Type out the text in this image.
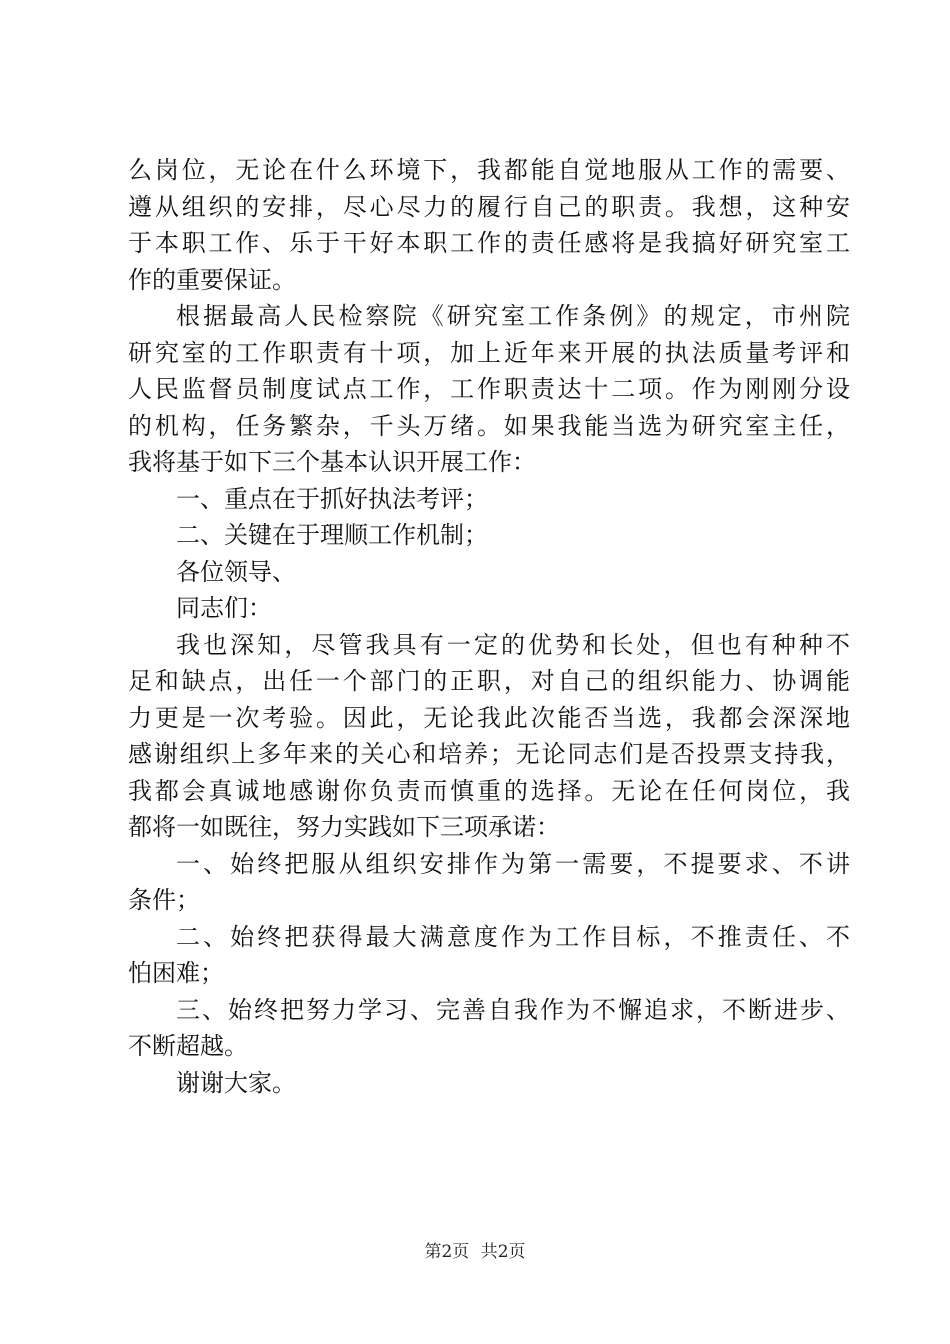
么岗位，无论在什么环境下，我都能自觉地服从工作的需要、
遵从组织的安排，尽心尽力的履行自己的职责。我想，这种安
于本职工作、乐于干好本职工作的责任感将是我搞好研究室工
作的重要保证。
根据最高人民检察院《研究室工作条例》的规定，市州院
研究室的工作职责有十项，加上近年来开展的执法质量考评和
人民监督员制度试点工作，工作职责达十二项。作为刚刚分设
的机构，任务繁杂，千头万绪。如果我能当选为研究室主任，
我将基于如下三个基本认识开展工作：
一、重点在于抓好执法考评；
二、关键在于理顺工作机制；
各位领导、
同志们：
我也深知，尽管我具有一定的优势和长处，但也有种种不
足和缺点，出任一个部门的正职，对自己的组织能力、协调能
力更是一次考验。因此，无论我此次能否当选，我都会深深地
感谢组织上多年来的关心和培养；无论同志们是否投票支持我，
我都会真诚地感谢你负责而慎重的选择。无论在任何岗位，我
都将一如既往，努力实践如下三项承诺：
一、始终把服从组织安排作为第一需要，不提要求、不讲
条件；
二、始终把获得最大满意度作为工作目标，不推责任、不
怕困难；
三、始终把努力学习、完善自我作为不懈追求，不断进步、
不断超越。
谢谢大家。
第2页 共2页
